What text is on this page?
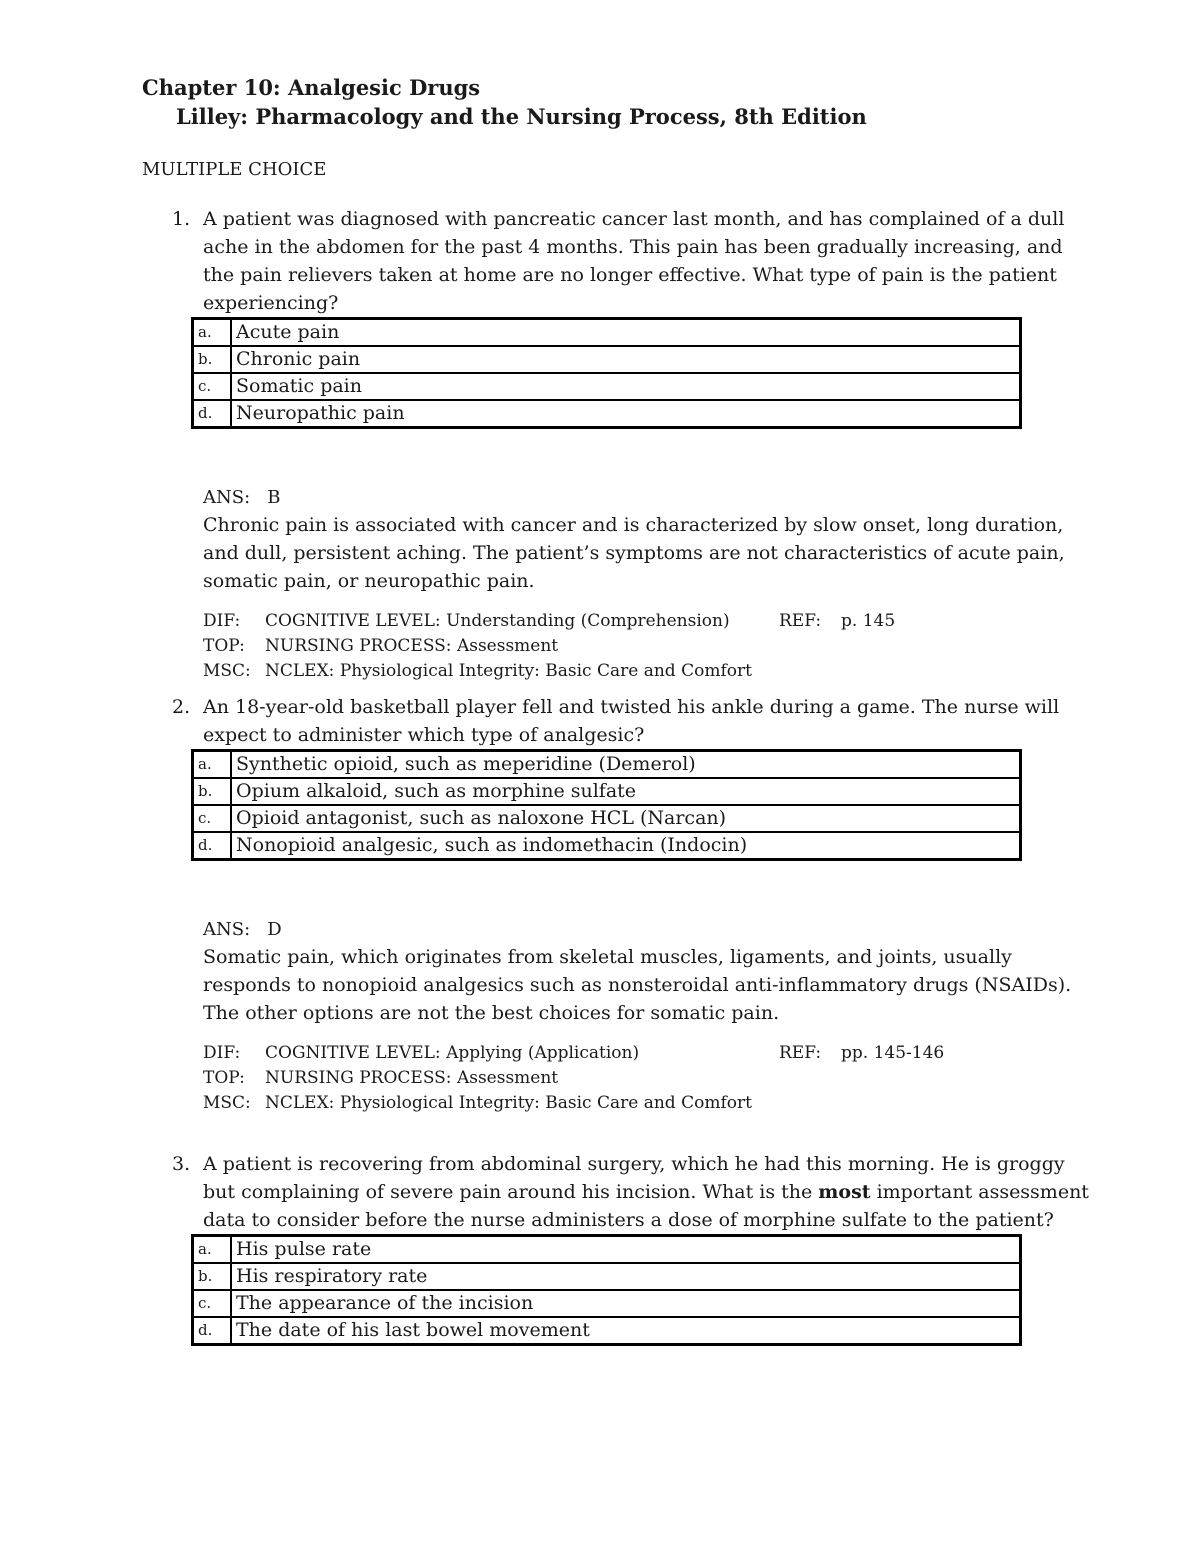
Chapter 10: Analgesic Drugs
Lilley: Pharmacology and the Nursing Process, 8th Edition
MULTIPLE CHOICE
1. A patient was diagnosed with pancreatic cancer last month, and has complained of a dull ache in the abdomen for the past 4 months. This pain has been gradually increasing, and the pain relievers taken at home are no longer effective. What type of pain is the patient experiencing?
a.	Acute pain
b.	Chronic pain
c.	Somatic pain
d.	Neuropathic pain
ANS:   B
Chronic pain is associated with cancer and is characterized by slow onset, long duration, and dull, persistent aching. The patient’s symptoms are not characteristics of acute pain, somatic pain, or neuropathic pain.
DIF: COGNITIVE LEVEL: Understanding (Comprehension)	REF: p. 145
TOP: NURSING PROCESS: Assessment
MSC: NCLEX: Physiological Integrity: Basic Care and Comfort
2. An 18-year-old basketball player fell and twisted his ankle during a game. The nurse will expect to administer which type of analgesic?
a.	Synthetic opioid, such as meperidine (Demerol)
b.	Opium alkaloid, such as morphine sulfate
c.	Opioid antagonist, such as naloxone HCL (Narcan)
d.	Nonopioid analgesic, such as indomethacin (Indocin)
ANS:   D
Somatic pain, which originates from skeletal muscles, ligaments, and joints, usually responds to nonopioid analgesics such as nonsteroidal anti-inflammatory drugs (NSAIDs). The other options are not the best choices for somatic pain.
DIF: COGNITIVE LEVEL: Applying (Application)	REF: pp. 145-146
TOP: NURSING PROCESS: Assessment
MSC: NCLEX: Physiological Integrity: Basic Care and Comfort
3. A patient is recovering from abdominal surgery, which he had this morning. He is groggy but complaining of severe pain around his incision. What is the most important assessment data to consider before the nurse administers a dose of morphine sulfate to the patient?
a.	His pulse rate
b.	His respiratory rate
c.	The appearance of the incision
d.	The date of his last bowel movement
